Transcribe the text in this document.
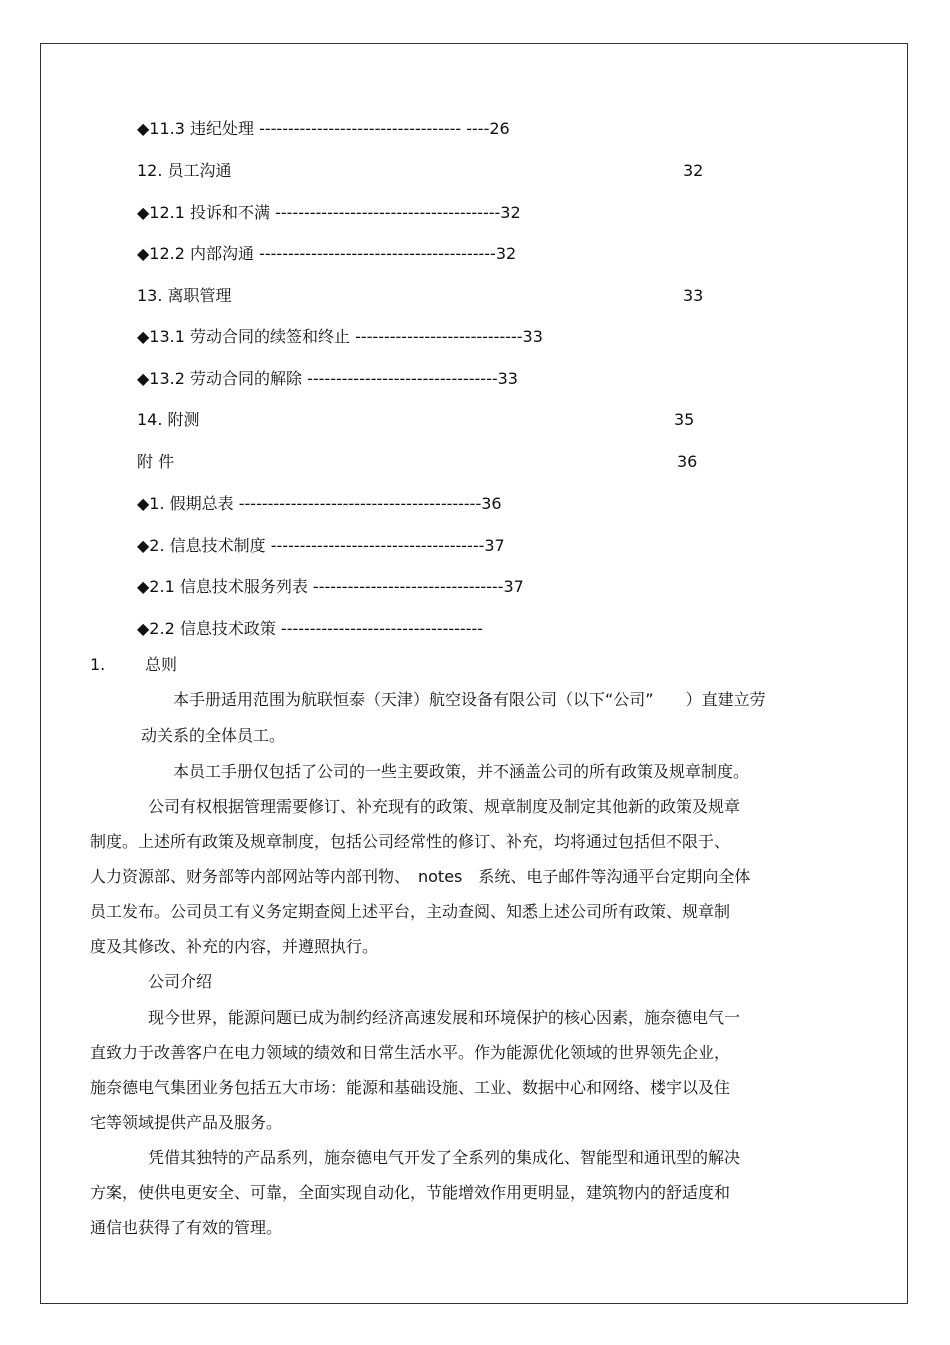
◆11.3 违纪处理 ----------------------------------- ----26
12. 员工沟通	32
◆12.1 投诉和不满 ---------------------------------------32
◆12.2 内部沟通 -----------------------------------------32
13. 离职管理	33
◆13.1 劳动合同的续签和终止 -----------------------------33
◆13.2 劳动合同的解除 ---------------------------------33
14. 附测	35
附 件	36
◆1. 假期总表 ------------------------------------------36
◆2. 信息技术制度 -------------------------------------37
◆2.1 信息技术服务列表 ---------------------------------37
◆2.2 信息技术政策 -----------------------------------
1. 总则
本手册适用范围为航联恒泰（天津）航空设备有限公司（以下“公司”　　）直建立劳
动关系的全体员工。
本员工手册仅包括了公司的一些主要政策，并不涵盖公司的所有政策及规章制度。
公司有权根据管理需要修订、补充现有的政策、规章制度及制定其他新的政策及规章
制度。上述所有政策及规章制度，包括公司经常性的修订、补充，均将通过包括但不限于、
人力资源部、财务部等内部网站等内部刊物、　notes　系统、电子邮件等沟通平台定期向全体
员工发布。公司员工有义务定期查阅上述平台，主动查阅、知悉上述公司所有政策、规章制
度及其修改、补充的内容，并遵照执行。
公司介绍
现今世界，能源问题已成为制约经济高速发展和环境保护的核心因素，施奈德电气一
直致力于改善客户在电力领域的绩效和日常生活水平。作为能源优化领域的世界领先企业，
施奈德电气集团业务包括五大市场：能源和基础设施、工业、数据中心和网络、楼宇以及住
宅等领域提供产品及服务。
凭借其独特的产品系列，施奈德电气开发了全系列的集成化、智能型和通讯型的解决
方案，使供电更安全、可靠，全面实现自动化，节能增效作用更明显，建筑物内的舒适度和
通信也获得了有效的管理。
